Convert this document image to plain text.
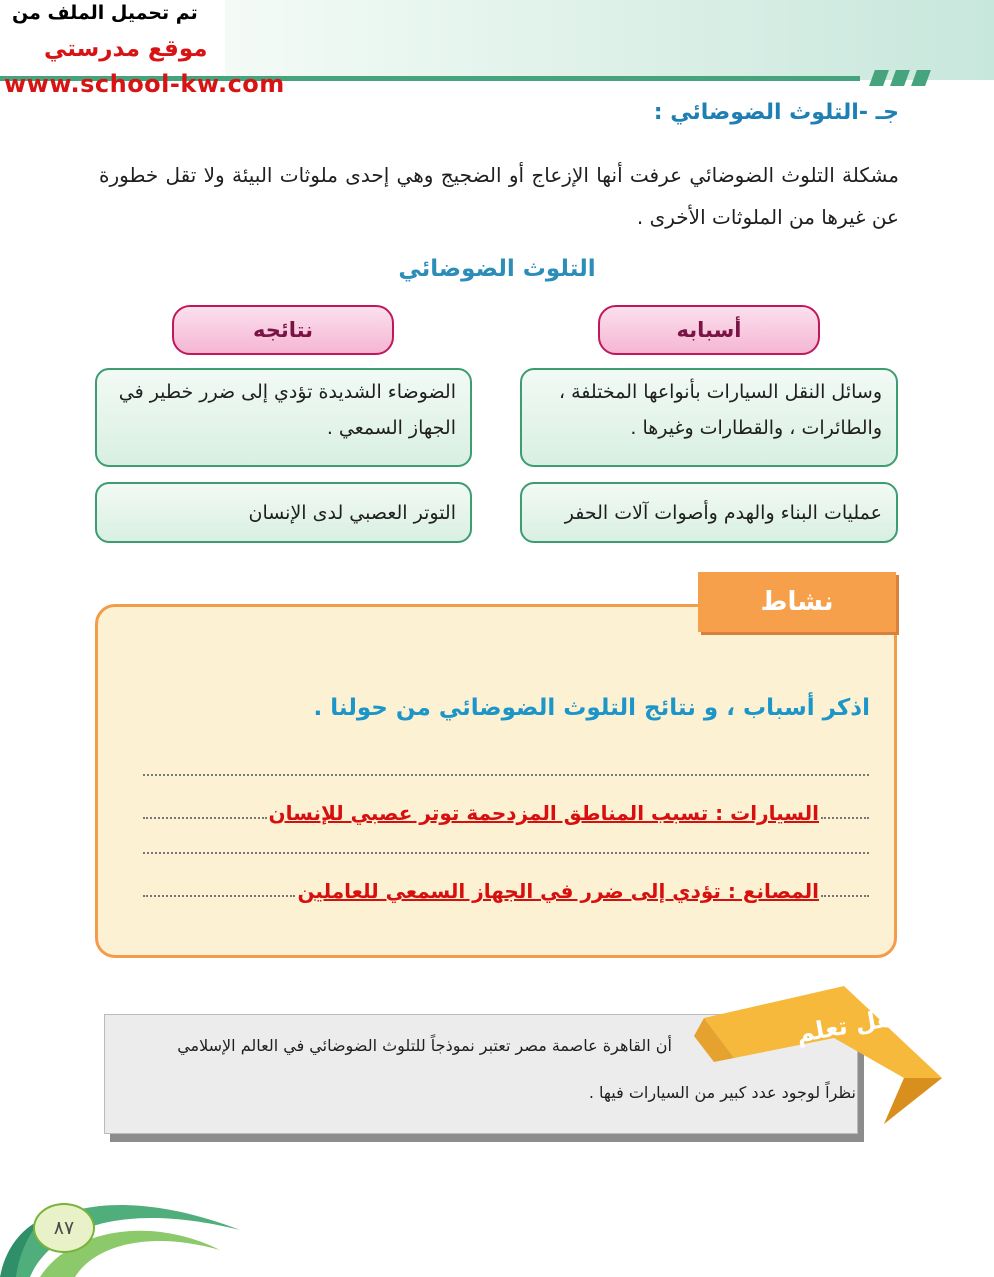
تم تحميل الملف من
موقع مدرستي
www.school-kw.com
جـ -التلوث الضوضائي :
مشكلة التلوث الضوضائي عرفت أنها الإزعاج أو الضجيج وهي إحدى ملوثات البيئة ولا تقل خطورة عن غيرها من الملوثات الأخرى .
التلوث الضوضائي
أسبابه
نتائجه
وسائل النقل السيارات بأنواعها المختلفة ، والطائرات ، والقطارات وغيرها .
عمليات البناء والهدم وأصوات آلات الحفر
الضوضاء الشديدة تؤدي إلى ضرر خطير في الجهاز السمعي .
التوتر العصبي لدى الإنسان
نشاط
اذكر أسباب ، و نتائج التلوث الضوضائي من حولنا .
السيارات : تسبب المناطق المزدحمة توتر عصبي للإنسان
المصانع : تؤدي إلى ضرر في الجهاز السمعي للعاملين
هل تعلم
أن القاهرة عاصمة مصر تعتبر نموذجاً للتلوث الضوضائي في العالم الإسلامي
نظراً لوجود عدد كبير من السيارات فيها .
٨٧
